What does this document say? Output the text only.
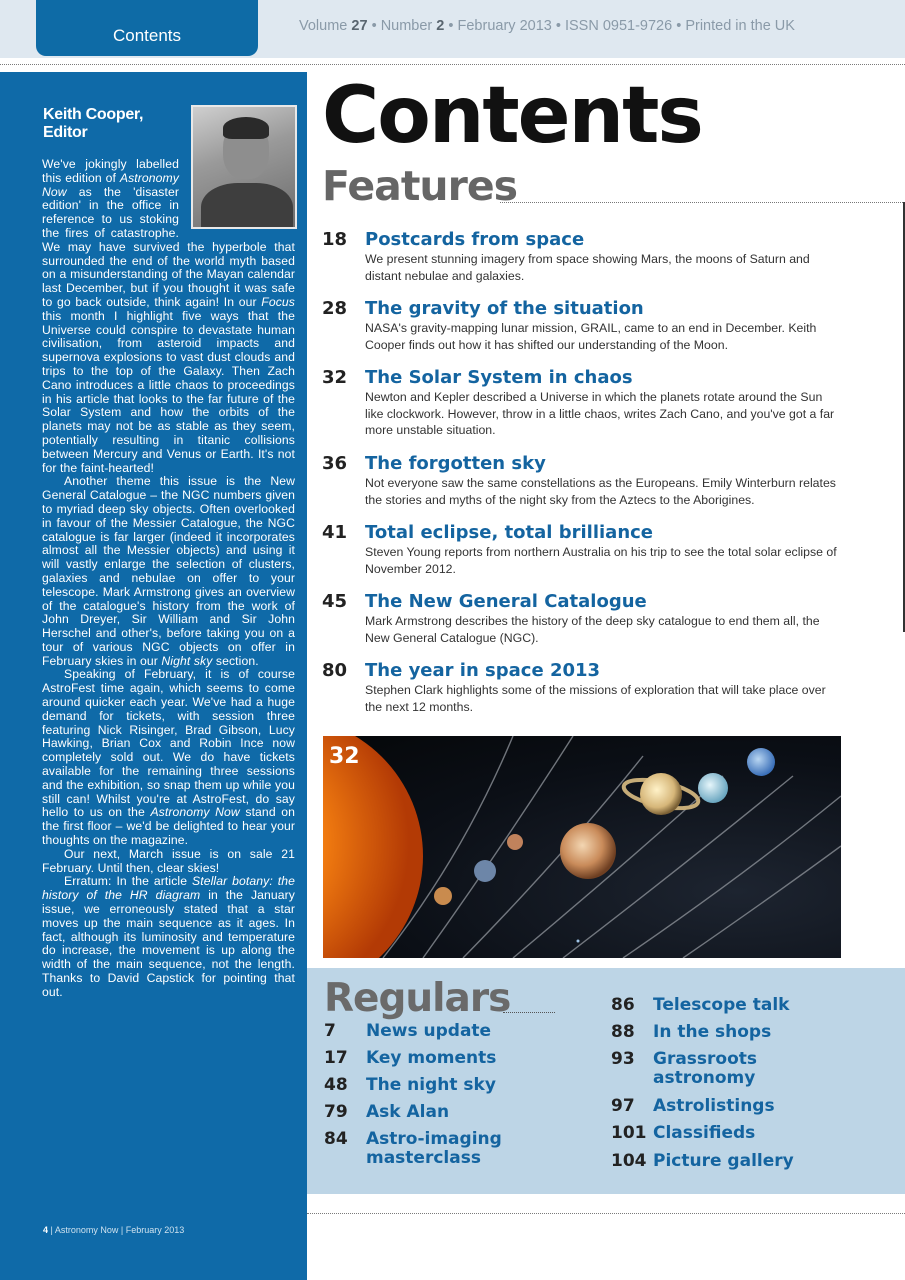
Contents	Volume 27 • Number 2 • February 2013 • ISSN 0951-9726 • Printed in the UK
Keith Cooper,
Editor

We've jokingly labelled this edition of Astronomy Now as the 'disaster edition' in the office in reference to us stoking the fires of catastrophe. We may have survived the hyperbole that surrounded the end of the world myth based on a misunderstanding of the Mayan calendar last December, but if you thought it was safe to go back outside, think again! In our Focus this month I highlight five ways that the Universe could conspire to devastate human civilisation, from asteroid impacts and supernova explosions to vast dust clouds and trips to the top of the Galaxy. Then Zach Cano introduces a little chaos to proceedings in his article that looks to the far future of the Solar System and how the orbits of the planets may not be as stable as they seem, potentially resulting in titanic collisions between Mercury and Venus or Earth. It's not for the faint-hearted!

Another theme this issue is the New General Catalogue – the NGC numbers given to myriad deep sky objects. Often overlooked in favour of the Messier Catalogue, the NGC catalogue is far larger (indeed it incorporates almost all the Messier objects) and using it will vastly enlarge the selection of clusters, galaxies and nebulae on offer to your telescope. Mark Armstrong gives an overview of the catalogue's history from the work of John Dreyer, Sir William and Sir John Herschel and other's, before taking you on a tour of various NGC objects on offer in February skies in our Night sky section.

Speaking of February, it is of course AstroFest time again, which seems to come around quicker each year. We've had a huge demand for tickets, with session three featuring Nick Risinger, Brad Gibson, Lucy Hawking, Brian Cox and Robin Ince now completely sold out. We do have tickets available for the remaining three sessions and the exhibition, so snap them up while you still can! Whilst you're at AstroFest, do say hello to us on the Astronomy Now stand on the first floor – we'd be delighted to hear your thoughts on the magazine.

Our next, March issue is on sale 21 February. Until then, clear skies!

Erratum: In the article Stellar botany: the history of the HR diagram in the January issue, we erroneously stated that a star moves up the main sequence as it ages. In fact, although its luminosity and temperature do increase, the movement is up along the width of the main sequence, not the length. Thanks to David Capstick for pointing that out.

4 | Astronomy Now | February 2013
Contents
Features
18 Postcards from space
We present stunning imagery from space showing Mars, the moons of Saturn and distant nebulae and galaxies.
28 The gravity of the situation
NASA's gravity-mapping lunar mission, GRAIL, came to an end in December. Keith Cooper finds out how it has shifted our understanding of the Moon.
32 The Solar System in chaos
Newton and Kepler described a Universe in which the planets rotate around the Sun like clockwork. However, throw in a little chaos, writes Zach Cano, and you've got a far more unstable situation.
36 The forgotten sky
Not everyone saw the same constellations as the Europeans. Emily Winterburn relates the stories and myths of the night sky from the Aztecs to the Aborigines.
41 Total eclipse, total brilliance
Steven Young reports from northern Australia on his trip to see the total solar eclipse of November 2012.
45 The New General Catalogue
Mark Armstrong describes the history of the deep sky catalogue to end them all, the New General Catalogue (NGC).
80 The year in space 2013
Stephen Clark highlights some of the missions of exploration that will take place over the next 12 months.
32
Regulars
7 News update
17 Key moments
48 The night sky
79 Ask Alan
84 Astro-imaging masterclass
86 Telescope talk
88 In the shops
93 Grassroots astronomy
97 Astrolistings
101 Classifieds
104 Picture gallery
